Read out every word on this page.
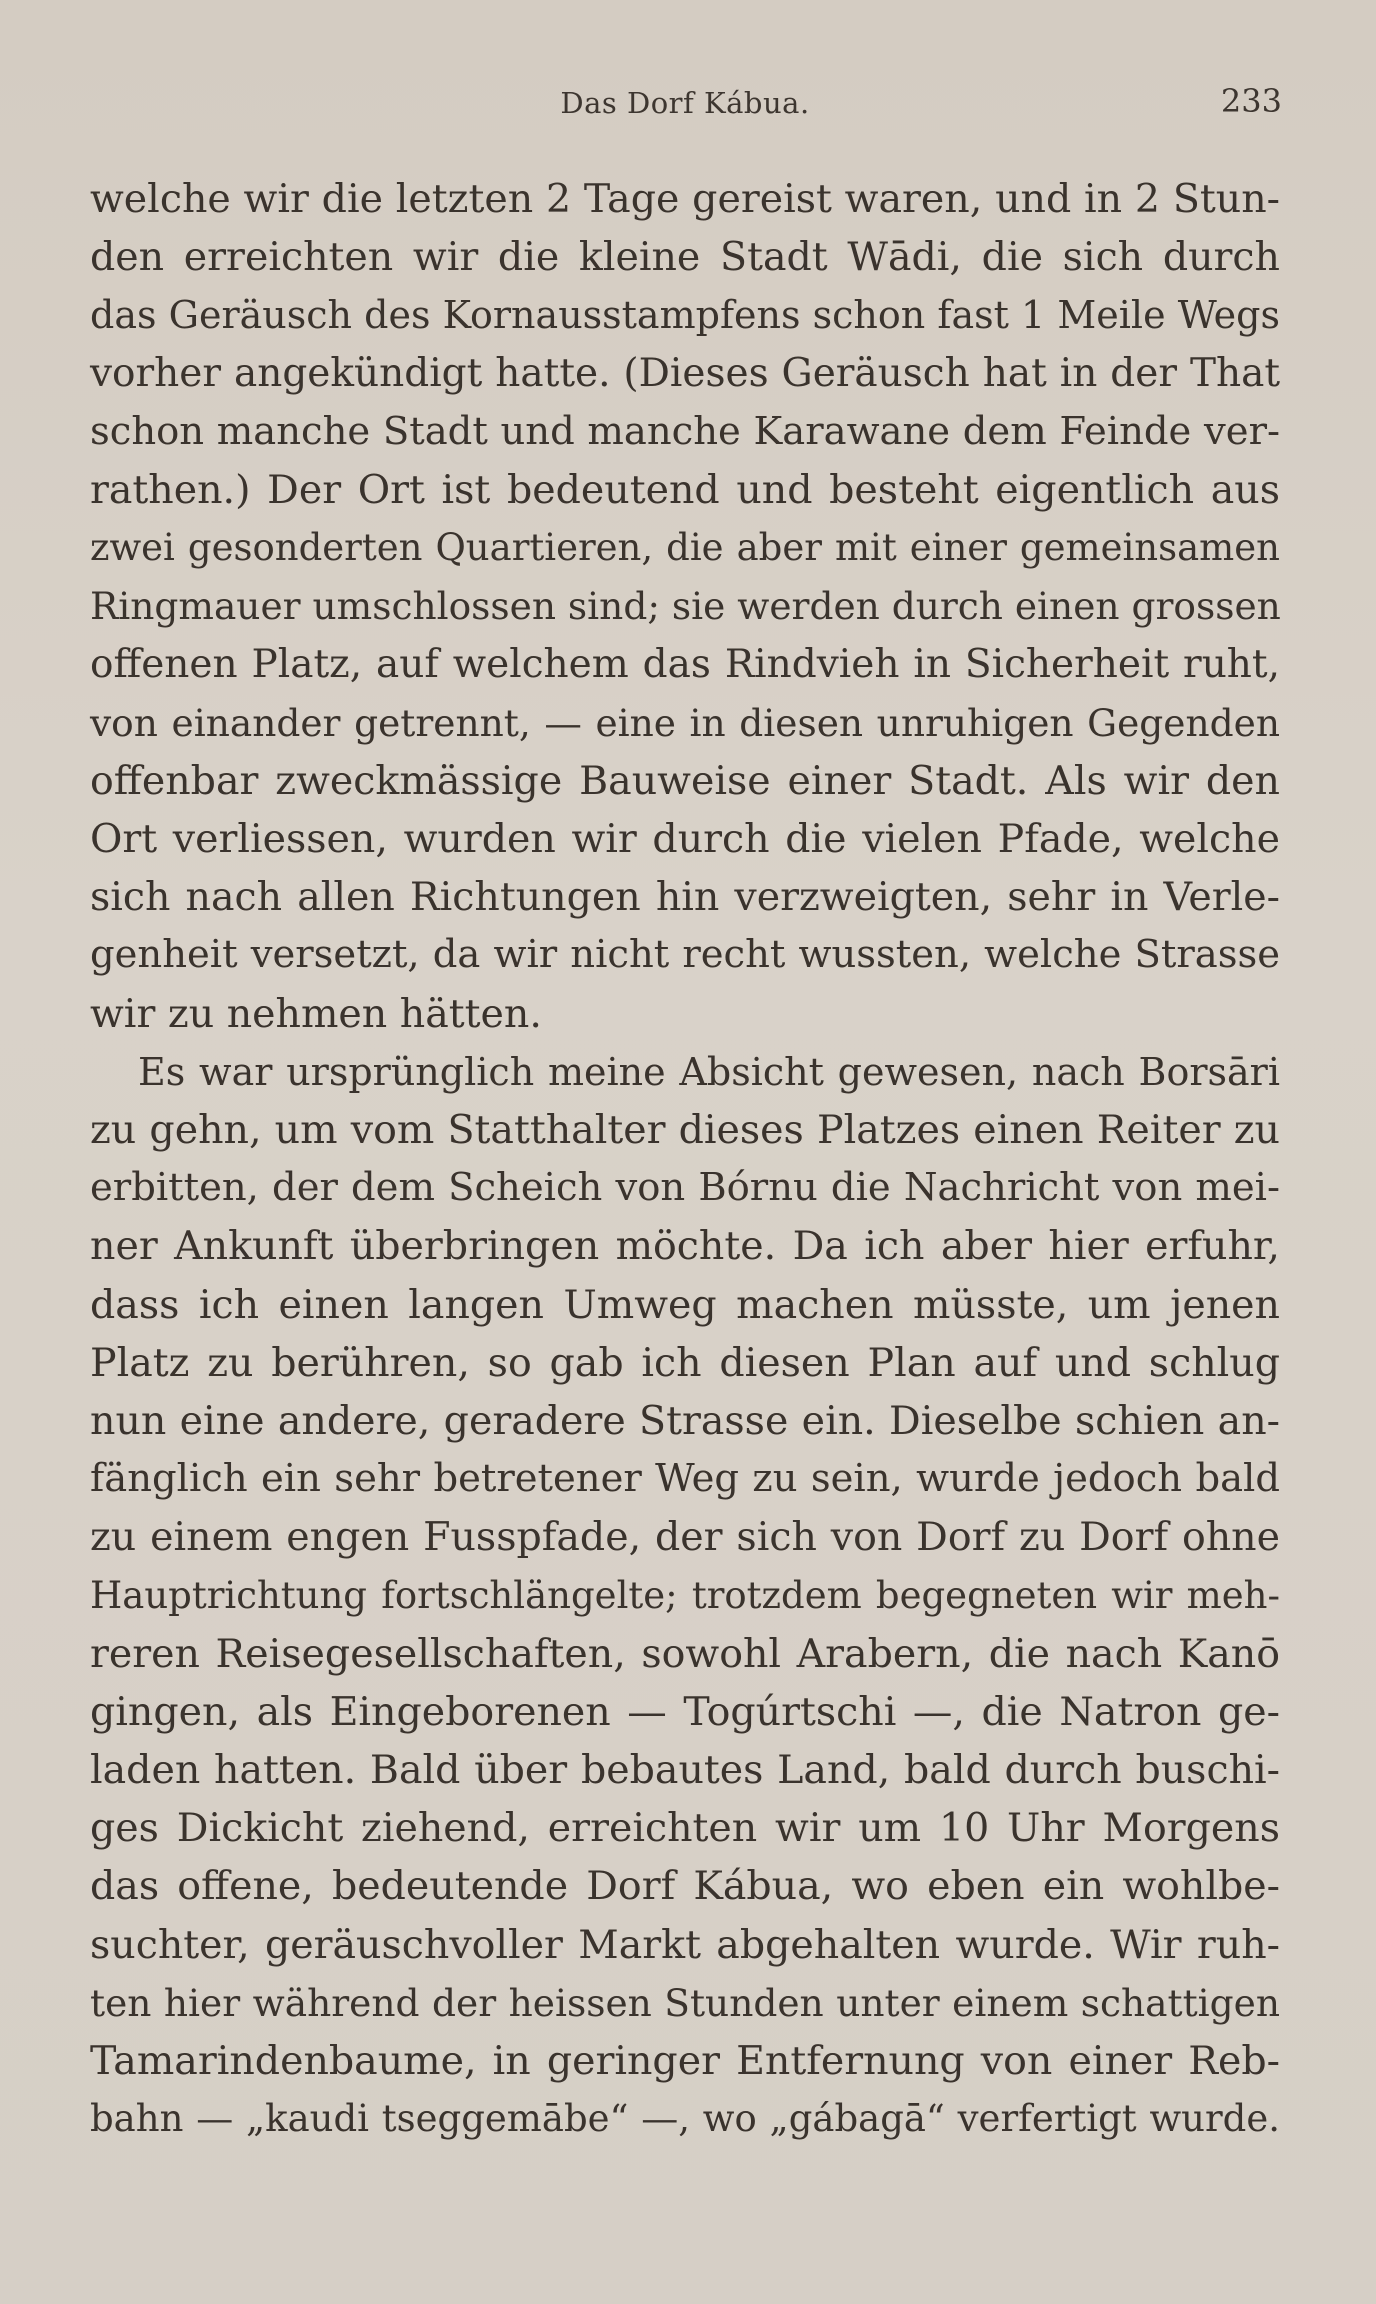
Das Dorf Kábua.	233

welche wir die letzten 2 Tage gereist waren, und in 2 Stun-
den erreichten wir die kleine Stadt Wādi, die sich durch
das Geräusch des Kornausstampfens schon fast 1 Meile Wegs
vorher angekündigt hatte. (Dieses Geräusch hat in der That
schon manche Stadt und manche Karawane dem Feinde ver-
rathen.) Der Ort ist bedeutend und besteht eigentlich aus
zwei gesonderten Quartieren, die aber mit einer gemeinsamen
Ringmauer umschlossen sind; sie werden durch einen grossen
offenen Platz, auf welchem das Rindvieh in Sicherheit ruht,
von einander getrennt, — eine in diesen unruhigen Gegenden
offenbar zweckmässige Bauweise einer Stadt. Als wir den
Ort verliessen, wurden wir durch die vielen Pfade, welche
sich nach allen Richtungen hin verzweigten, sehr in Verle-
genheit versetzt, da wir nicht recht wussten, welche Strasse
wir zu nehmen hätten.

Es war ursprünglich meine Absicht gewesen, nach Borsāri
zu gehn, um vom Statthalter dieses Platzes einen Reiter zu
erbitten, der dem Scheich von Bórnu die Nachricht von mei-
ner Ankunft überbringen möchte. Da ich aber hier erfuhr,
dass ich einen langen Umweg machen müsste, um jenen
Platz zu berühren, so gab ich diesen Plan auf und schlug
nun eine andere, geradere Strasse ein. Dieselbe schien an-
fänglich ein sehr betretener Weg zu sein, wurde jedoch bald
zu einem engen Fusspfade, der sich von Dorf zu Dorf ohne
Hauptrichtung fortschlängelte; trotzdem begegneten wir meh-
reren Reisegesellschaften, sowohl Arabern, die nach Kanō
gingen, als Eingeborenen — Togúrtschi —, die Natron ge-
laden hatten. Bald über bebautes Land, bald durch buschi-
ges Dickicht ziehend, erreichten wir um 10 Uhr Morgens
das offene, bedeutende Dorf Kábua, wo eben ein wohlbe-
suchter, geräuschvoller Markt abgehalten wurde. Wir ruh-
ten hier während der heissen Stunden unter einem schattigen
Tamarindenbaume, in geringer Entfernung von einer Reb-
bahn — „kaudi tseggemābe“ —, wo „gábagā“ verfertigt wurde.
